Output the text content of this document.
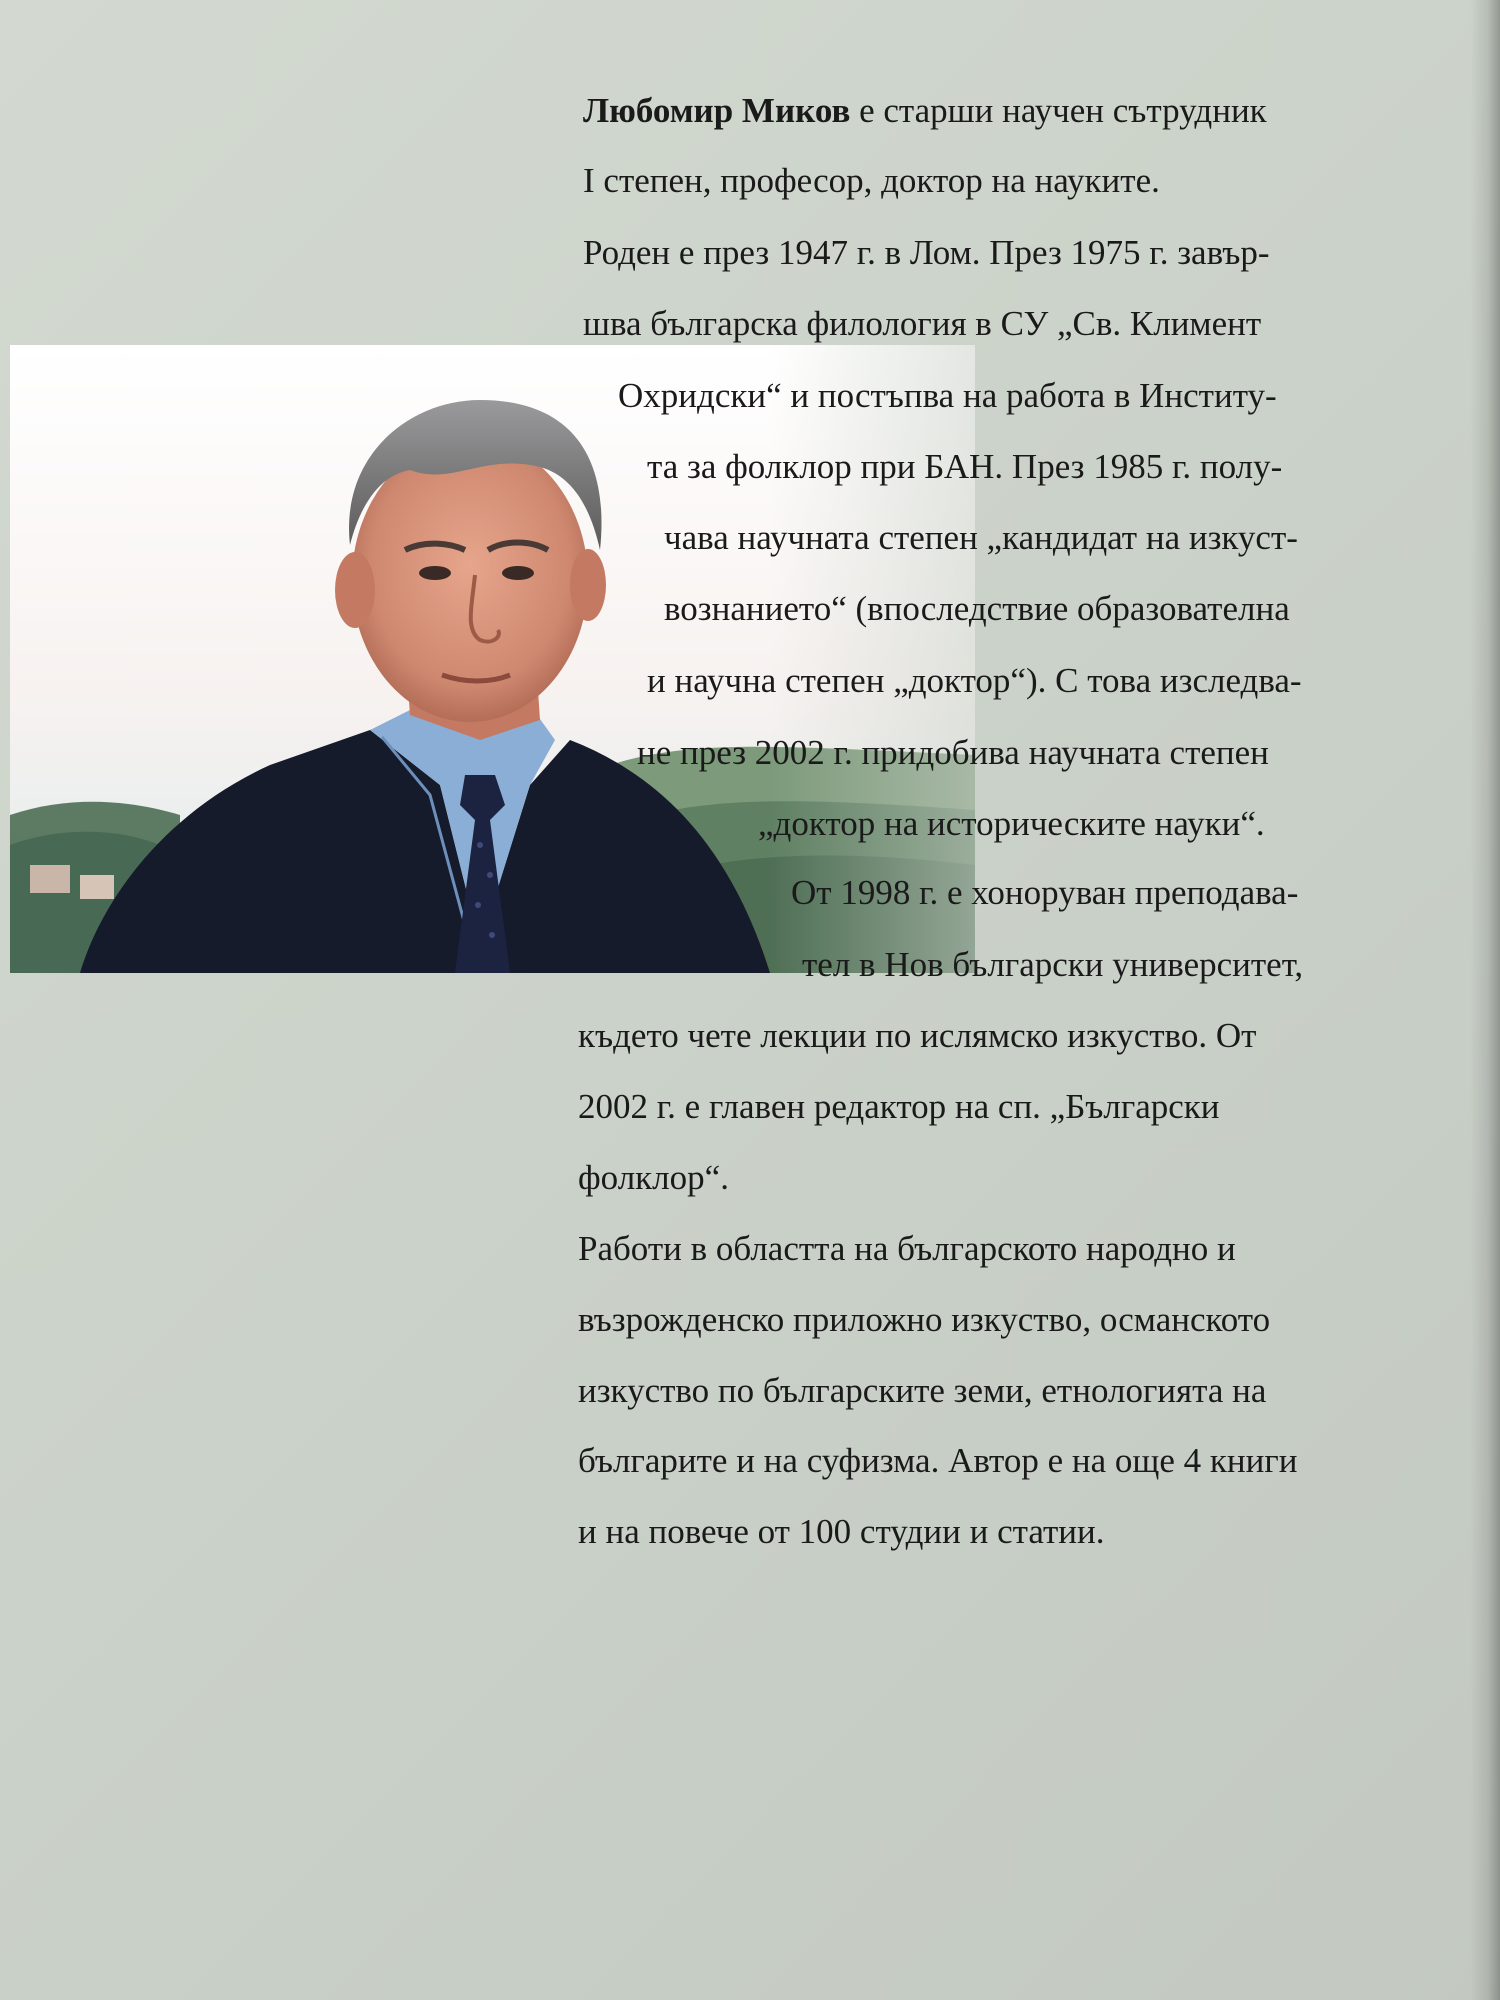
Любомир Миков е старши научен сътрудник
I степен, професор, доктор на науките.
Роден е през 1947 г. в Лом. През 1975 г. завър-
шва българска филология в СУ „Св. Климент
Охридски“ и постъпва на работа в Институ-
та за фолклор при БАН. През 1985 г. полу-
чава научната степен „кандидат на изкуст-
вознанието“ (впоследствие образователна
и научна степен „доктор“). С това изследва-
не през 2002 г. придобива научната степен
„доктор на историческите науки“.
От 1998 г. е хоноруван преподава-
тел в Нов български университет,
където чете лекции по ислямско изкуство. От
2002 г. е главен редактор на сп. „Български
фолклор“.
Работи в областта на българското народно и
възрожденско приложно изкуство, османското
изкуство по българските земи, етнологията на
българите и на суфизма. Автор е на още 4 книги
и на повече от 100 студии и статии.
